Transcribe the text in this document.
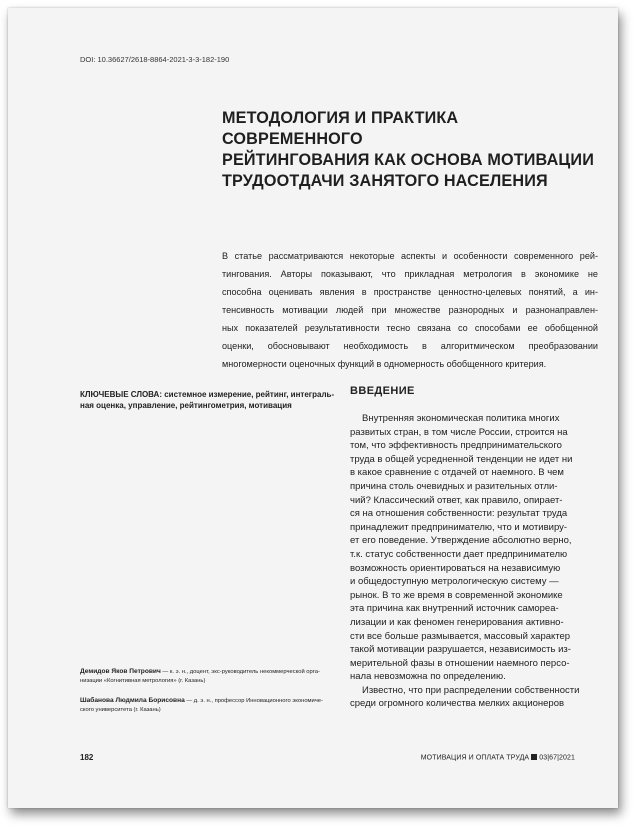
DOI: 10.36627/2618-8864-2021-3-3-182-190
МЕТОДОЛОГИЯ И ПРАКТИКА СОВРЕМЕННОГО
РЕЙТИНГОВАНИЯ КАК ОСНОВА МОТИВАЦИИ
ТРУДООТДАЧИ ЗАНЯТОГО НАСЕЛЕНИЯ
В статье рассматриваются некоторые аспекты и особенности современного рей-
тингования. Авторы показывают, что прикладная метрология в экономике не
способна оценивать явления в пространстве ценностно-целевых понятий, а ин-
тенсивность мотивации людей при множестве разнородных и разнонаправлен-
ных показателей результативности тесно связана со способами ее обобщенной
оценки, обосновывают необходимость в алгоритмическом преобразовании
многомерности оценочных функций в одномерность обобщенного критерия.
КЛЮЧЕВЫЕ СЛОВА: системное измерение, рейтинг, интеграль-
ная оценка, управление, рейтингометрия, мотивация
ВВЕДЕНИЕ
Внутренняя экономическая политика многих
развитых стран, в том числе России, строится на
том, что эффективность предпринимательского
труда в общей усредненной тенденции не идет ни
в какое сравнение с отдачей от наемного. В чем
причина столь очевидных и разительных отли-
чий? Классический ответ, как правило, опирает-
ся на отношения собственности: результат труда
принадлежит предпринимателю, что и мотивиру-
ет его поведение. Утверждение абсолютно верно,
т.к. статус собственности дает предпринимателю
возможность ориентироваться на независимую
и общедоступную метрологическую систему —
рынок. В то же время в современной экономике
эта причина как внутренний источник самореа-
лизации и как феномен генерирования активно-
сти все больше размывается, массовый характер
такой мотивации разрушается, независимость из-
мерительной фазы в отношении наемного персо-
нала невозможна по определению.
Известно, что при распределении собственности
среди огромного количества мелких акционеров
Демидов Яков Петрович — к. э. н., доцент, экс-руководитель некоммерческой орга-
низации «Когнитивная метрология» (г. Казань)
Шабанова Людмила Борисовна — д. э. н., профессор Инновационного экономиче-
ского университета (г. Казань)
182	МОТИВАЦИЯ И ОПЛАТА ТРУДА 03|67|2021
